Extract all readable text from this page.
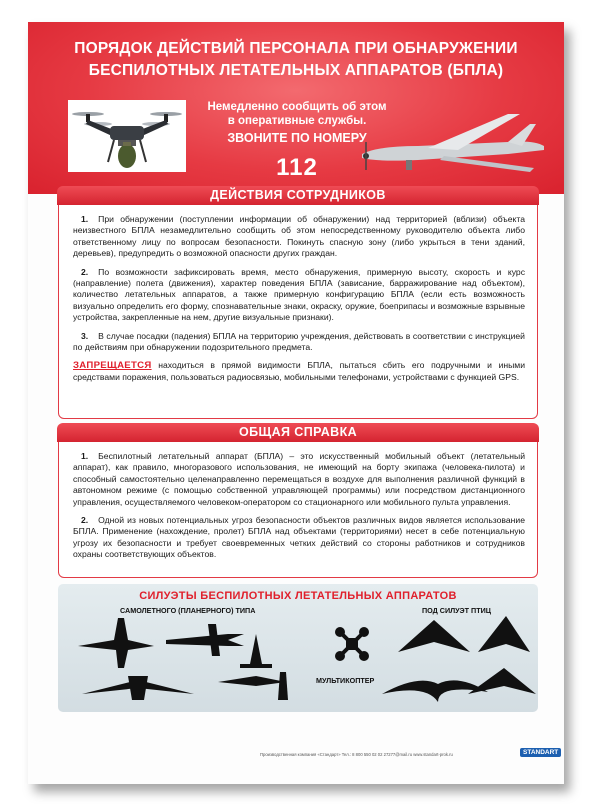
ПОРЯДОК ДЕЙСТВИЙ ПЕРСОНАЛА ПРИ ОБНАРУЖЕНИИ
БЕСПИЛОТНЫХ ЛЕТАТЕЛЬНЫХ АППАРАТОВ (БПЛА)
Немедленно сообщить об этом
в оперативные службы.
ЗВОНИТЕ ПО НОМЕРУ
112
ДЕЙСТВИЯ СОТРУДНИКОВ

1. При обнаружении (поступлении информации об обнаружении) над территорией (вблизи) объекта неизвестного БПЛА незамедлительно сообщить об этом непосредственному руководителю объекта либо ответственному лицу по вопросам безопасности. Покинуть спасную зону (либо укрыться в тени зданий, деревьев), предупредить о возможной опасности других граждан.

2. По возможности зафиксировать время, место обнаружения, примерную высоту, скорость и курс (направление) полета (движения), характер поведения БПЛА (зависание, барражирование над объектом), количество летательных аппаратов, а также примерную конфигурацию БПЛА (если есть возможность визуально определить его форму, спознавательные знаки, окраску, оружие, боеприпасы и возможные взрывные устройства, закрепленные на нем, другие визуальные признаки).

3. В случае посадки (падения) БПЛА на территорию учреждения, действовать в соответствии с инструкцией по действиям при обнаружении подозрительного предмета.

ЗАПРЕЩАЕТСЯ находиться в прямой видимости БПЛА, пытаться сбить его подручными и иными средствами поражения, пользоваться радиосвязью, мобильными телефонами, устройствами с функцией GPS.

ОБЩАЯ СПРАВКА

1. Беспилотный летательный аппарат (БПЛА) – это искусственный мобильный объект (летательный аппарат), как правило, многоразового использования, не имеющий на борту экипажа (человека-пилота) и способный самостоятельно целенаправленно перемещаться в воздухе для выполнения различной функций в автономном режиме (с помощью собственной управляющей программы) или посредством дистанционного управления, осуществляемого человеком-оператором со стационарного или мобильного пульта управления.

2. Одной из новых потенциальных угроз безопасности объектов различных видов является использование БПЛА. Применение (нахождение, пролет) БПЛА над объектами (территориями) несет в себе потенциальную угрозу их безопасности и требует своевременных четких действий со стороны работников и сотрудников охраны соответствующих объектов.

СИЛУЭТЫ БЕСПИЛОТНЫХ ЛЕТАТЕЛЬНЫХ АППАРАТОВ
САМОЛЕТНОГО (ПЛАНЕРНОГО) ТИПА
МУЛЬТИКОПТЕР
ПОД СИЛУЭТ ПТИЦ
Производственная компания «Стандарт» Тел.: 8 800 550 02 02 27277@mail.ru www.standart-prok.ru	STANDART
